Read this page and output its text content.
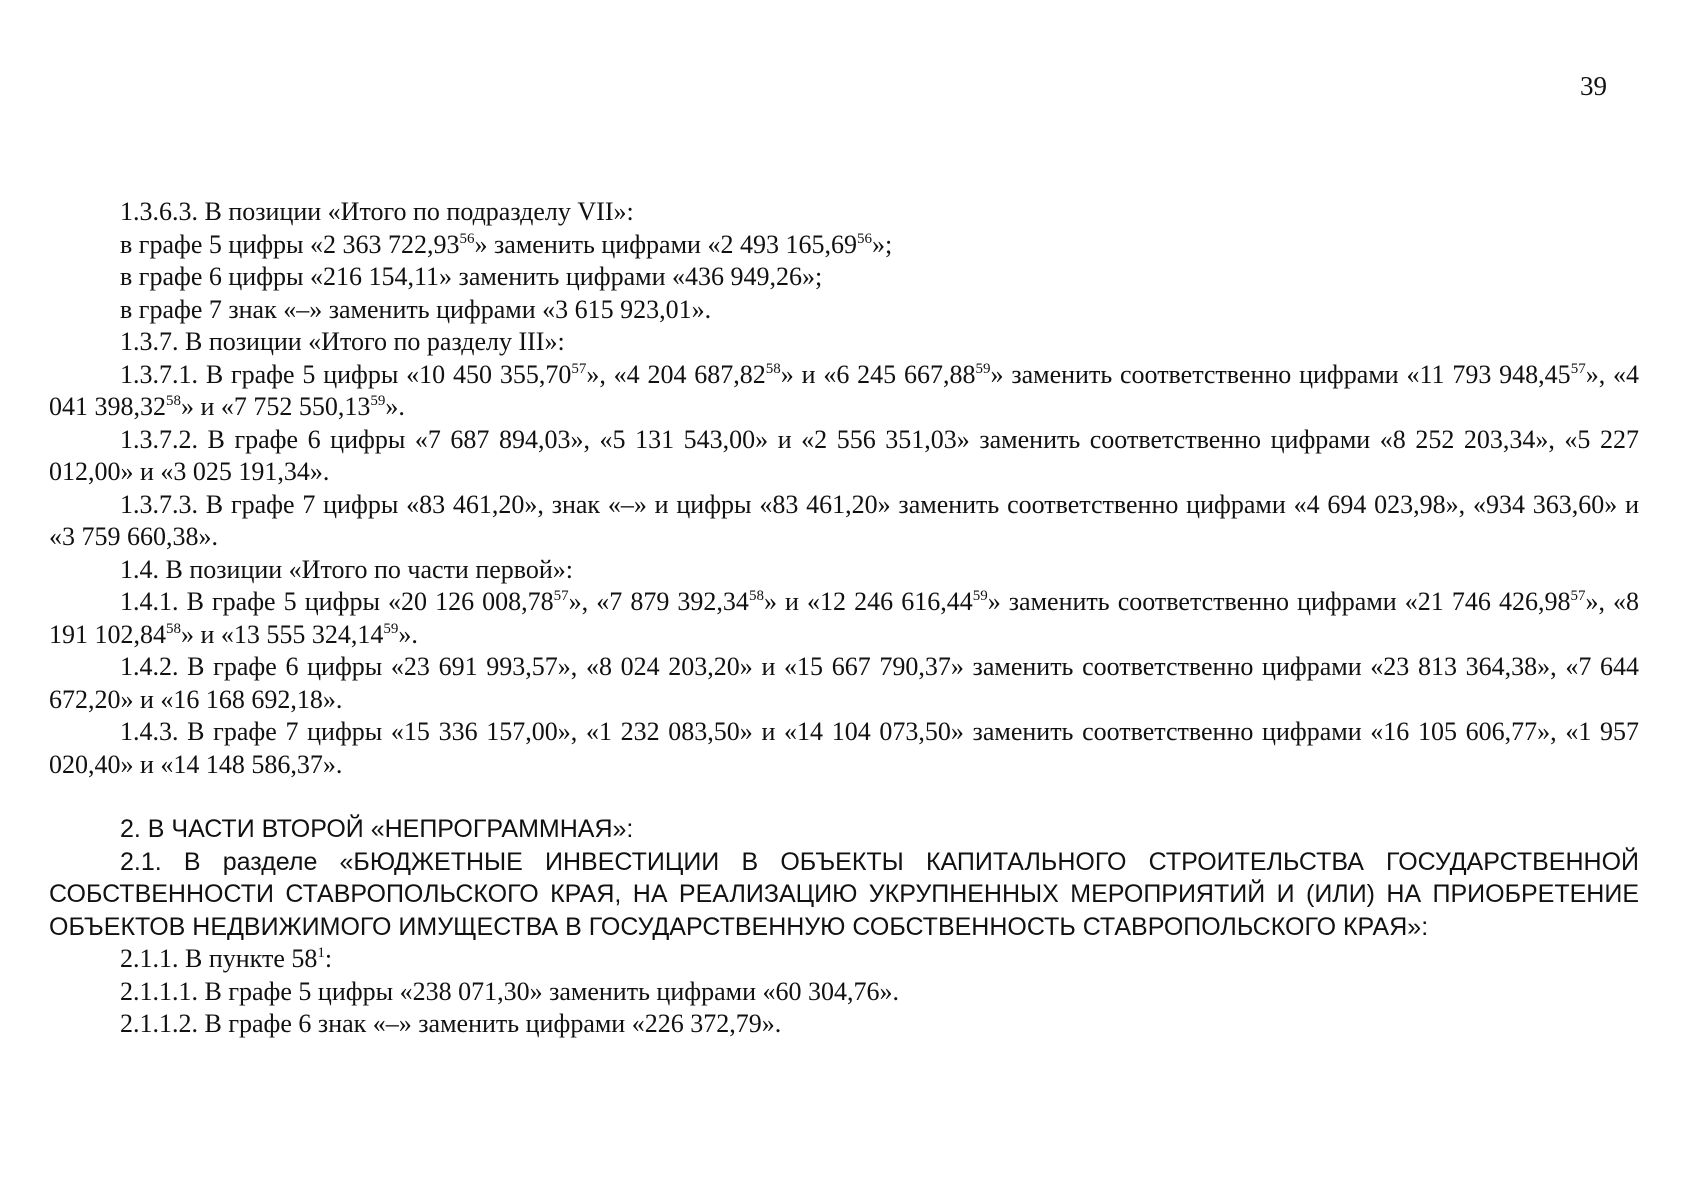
39

1.3.6.3. В позиции «Итого по подразделу VII»:

в графе 5 цифры «2 363 722,93$^{56}$» заменить цифрами «2 493 165,69$^{56}$»;

в графе 6 цифры «216 154,11» заменить цифрами «436 949,26»;

в графе 7 знак «–» заменить цифрами «3 615 923,01».

1.3.7. В позиции «Итого по разделу III»:

1.3.7.1. В графе 5 цифры «10 450 355,70$^{57}$», «4 204 687,82$^{58}$» и «6 245 667,88$^{59}$» заменить соответственно цифрами «11 793 948,45$^{57}$», «4 041 398,32$^{58}$» и «7 752 550,13$^{59}$».

1.3.7.2. В графе 6 цифры «7 687 894,03», «5 131 543,00» и «2 556 351,03» заменить соответственно цифрами «8 252 203,34», «5 227 012,00» и «3 025 191,34».

1.3.7.3. В графе 7 цифры «83 461,20», знак «–» и цифры «83 461,20» заменить соответственно цифрами «4 694 023,98», «934 363,60» и «3 759 660,38».

1.4. В позиции «Итого по части первой»:

1.4.1. В графе 5 цифры «20 126 008,78$^{57}$», «7 879 392,34$^{58}$» и «12 246 616,44$^{59}$» заменить соответственно цифрами «21 746 426,98$^{57}$», «8 191 102,84$^{58}$» и «13 555 324,14$^{59}$».

1.4.2. В графе 6 цифры «23 691 993,57», «8 024 203,20» и «15 667 790,37» заменить соответственно цифрами «23 813 364,38», «7 644 672,20» и «16 168 692,18».

1.4.3. В графе 7 цифры «15 336 157,00», «1 232 083,50» и «14 104 073,50» заменить соответственно цифрами «16 105 606,77», «1 957 020,40» и «14 148 586,37».

2. В ЧАСТИ ВТОРОЙ «НЕПРОГРАММНАЯ»:

2.1. В разделе «БЮДЖЕТНЫЕ ИНВЕСТИЦИИ В ОБЪЕКТЫ КАПИТАЛЬНОГО СТРОИТЕЛЬСТВА ГОСУДАРСТВЕННОЙ СОБСТВЕННОСТИ СТАВРОПОЛЬСКОГО КРАЯ, НА РЕАЛИЗАЦИЮ УКРУПНЕННЫХ МЕРОПРИЯТИЙ И (ИЛИ) НА ПРИОБРЕТЕНИЕ ОБЪЕКТОВ НЕДВИЖИМОГО ИМУЩЕСТВА В ГОСУДАРСТВЕННУЮ СОБСТВЕННОСТЬ СТАВРОПОЛЬСКОГО КРАЯ»:

2.1.1. В пункте $58^1$:

2.1.1.1. В графе 5 цифры «238 071,30» заменить цифрами «60 304,76».

2.1.1.2. В графе 6 знак «–» заменить цифрами «226 372,79».
